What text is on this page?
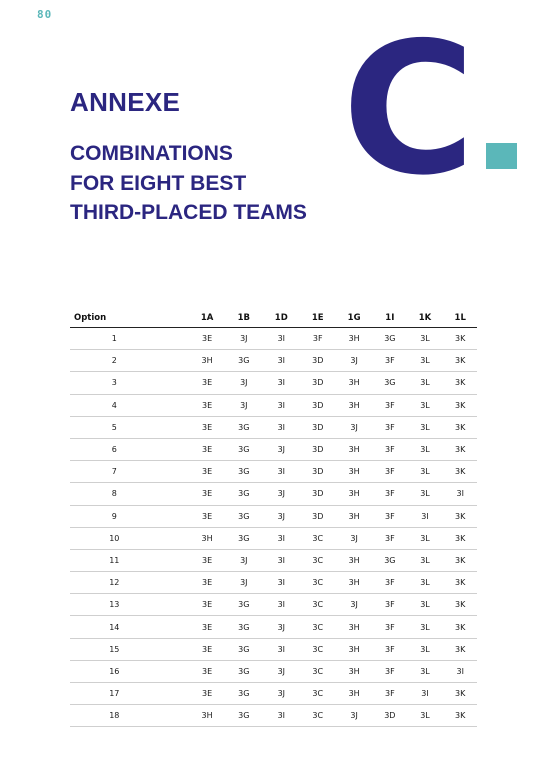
80 C
ANNEXE
COMBINATIONS
FOR EIGHT BEST
THIRD-PLACED TEAMS
Option	1A	1B	1D	1E	1G	1I	1K	1L
1	3E	3J	3I	3F	3H	3G	3L	3K
2	3H	3G	3I	3D	3J	3F	3L	3K
3	3E	3J	3I	3D	3H	3G	3L	3K
4	3E	3J	3I	3D	3H	3F	3L	3K
5	3E	3G	3I	3D	3J	3F	3L	3K
6	3E	3G	3J	3D	3H	3F	3L	3K
7	3E	3G	3I	3D	3H	3F	3L	3K
8	3E	3G	3J	3D	3H	3F	3L	3I
9	3E	3G	3J	3D	3H	3F	3I	3K
10	3H	3G	3I	3C	3J	3F	3L	3K
11	3E	3J	3I	3C	3H	3G	3L	3K
12	3E	3J	3I	3C	3H	3F	3L	3K
13	3E	3G	3I	3C	3J	3F	3L	3K
14	3E	3G	3J	3C	3H	3F	3L	3K
15	3E	3G	3I	3C	3H	3F	3L	3K
16	3E	3G	3J	3C	3H	3F	3L	3I
17	3E	3G	3J	3C	3H	3F	3I	3K
18	3H	3G	3I	3C	3J	3D	3L	3K
